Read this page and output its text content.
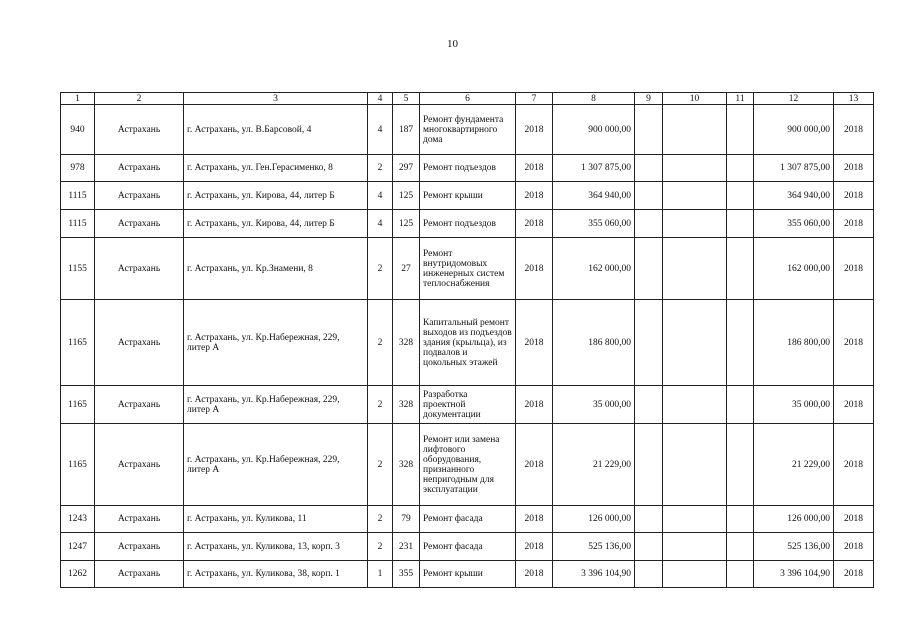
10
1	2	3	4	5	6	7	8	9	10	11	12	13
940	Астрахань	г. Астрахань, ул. В.Барсовой, 4	4	187	Ремонт фундамента многоквартирного дома	2018	900 000,00				900 000,00	2018
978	Астрахань	г. Астрахань, ул. Ген.Герасименко, 8	2	297	Ремонт подъездов	2018	1 307 875,00				1 307 875,00	2018
1115	Астрахань	г. Астрахань, ул. Кирова, 44, литер Б	4	125	Ремонт крыши	2018	364 940,00				364 940,00	2018
1115	Астрахань	г. Астрахань, ул. Кирова, 44, литер Б	4	125	Ремонт подъездов	2018	355 060,00				355 060,00	2018
1155	Астрахань	г. Астрахань, ул. Кр.Знамени, 8	2	27	Ремонт внутридомовых инженерных систем теплоснабжения	2018	162 000,00				162 000,00	2018
1165	Астрахань	г. Астрахань, ул. Кр.Набережная, 229, литер А	2	328	Капитальный ремонт выходов из подъездов здания (крыльца), из подвалов и цокольных этажей	2018	186 800,00				186 800,00	2018
1165	Астрахань	г. Астрахань, ул. Кр.Набережная, 229, литер А	2	328	Разработка проектной документации	2018	35 000,00				35 000,00	2018
1165	Астрахань	г. Астрахань, ул. Кр.Набережная, 229, литер А	2	328	Ремонт или замена лифтового оборудования, признанного непригодным для эксплуатации	2018	21 229,00				21 229,00	2018
1243	Астрахань	г. Астрахань, ул. Куликова, 11	2	79	Ремонт фасада	2018	126 000,00				126 000,00	2018
1247	Астрахань	г. Астрахань, ул. Куликова, 13, корп. 3	2	231	Ремонт фасада	2018	525 136,00				525 136,00	2018
1262	Астрахань	г. Астрахань, ул. Куликова, 38, корп. 1	1	355	Ремонт крыши	2018	3 396 104,90				3 396 104,90	2018
